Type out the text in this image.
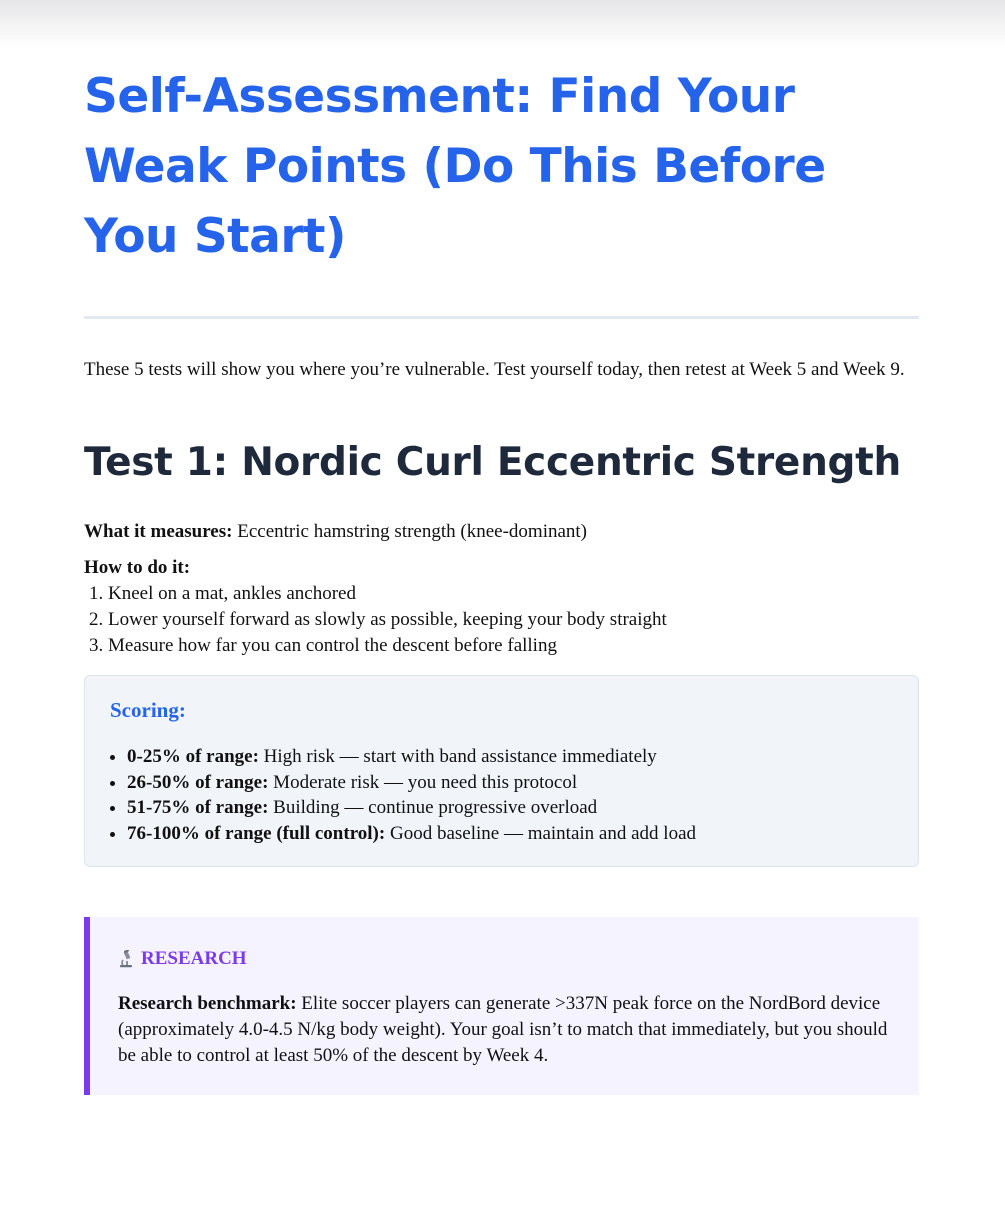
Self-Assessment: Find Your Weak Points (Do This Before You Start)

These 5 tests will show you where you’re vulnerable. Test yourself today, then retest at Week 5 and Week 9.

Test 1: Nordic Curl Eccentric Strength

What it measures: Eccentric hamstring strength (knee-dominant)

How to do it:

1. Kneel on a mat, ankles anchored
2. Lower yourself forward as slowly as possible, keeping your body straight
3. Measure how far you can control the descent before falling

Scoring:

• 0-25% of range: High risk — start with band assistance immediately
• 26-50% of range: Moderate risk — you need this protocol
• 51-75% of range: Building — continue progressive overload
• 76-100% of range (full control): Good baseline — maintain and add load

RESEARCH

Research benchmark: Elite soccer players can generate >337N peak force on the NordBord device (approximately 4.0-4.5 N/kg body weight). Your goal isn’t to match that immediately, but you should be able to control at least 50% of the descent by Week 4.
